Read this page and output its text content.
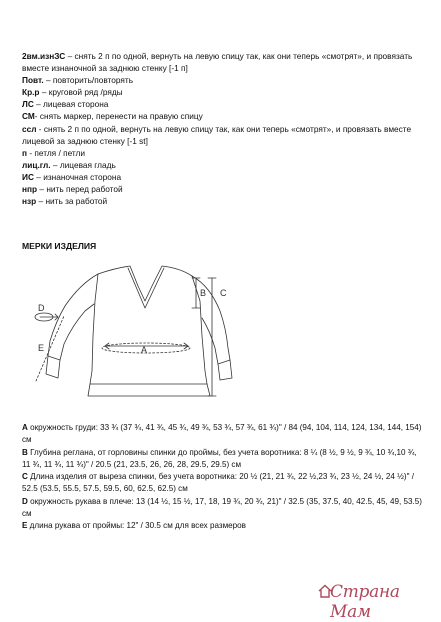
2вм.изнЗС – снять 2 п по одной, вернуть на левую спицу так, как они теперь «смотрят», и провязать вместе изнаночной за заднюю стенку [-1 п]

Повт. – повторить/повторять

Кр.р – круговой ряд /ряды

ЛС – лицевая сторона

СМ- снять маркер, перенести на правую спицу

ссл - снять 2 п по одной, вернуть на левую спицу так, как они теперь «смотрят», и провязать вместе лицевой за заднюю стенку [-1 st]

п - петля / петли

лиц.гл. – лицевая гладь

ИС – изнаночная сторона

нпр – нить перед работой

нзр – нить за работой

МЕРКИ ИЗДЕЛИЯ
A
B C
D
E

A окружность груди: 33 ¾ (37 ¾, 41 ¾, 45 ¾, 49 ¾, 53 ¾, 57 ¾, 61 ¾)" / 84 (94, 104, 114, 124, 134, 144, 154) см

B Глубина реглана, от горловины спинки до проймы, без учета воротника: 8 ¼ (8 ½, 9 ½, 9 ¾, 10 ¾,10 ¾, 11 ¾, 11 ¾, 11 ¾)" / 20.5 (21, 23.5, 26, 26, 28, 29.5, 29.5) см

C Длина изделия от выреза спинки, без учета воротника: 20 ½ (21, 21 ¾, 22 ½,23 ¾, 23 ½, 24 ½, 24 ½)" / 52.5 (53.5, 55.5, 57.5, 59.5, 60, 62.5, 62.5) см

D окружность рукава в плече: 13 (14 ½, 15 ½, 17, 18, 19 ¾, 20 ¾, 21)" / 32.5 (35, 37.5, 40, 42.5, 45, 49, 53.5) см

E длина рукава от проймы: 12" / 30.5 см для всех размеров

Страна Мам
